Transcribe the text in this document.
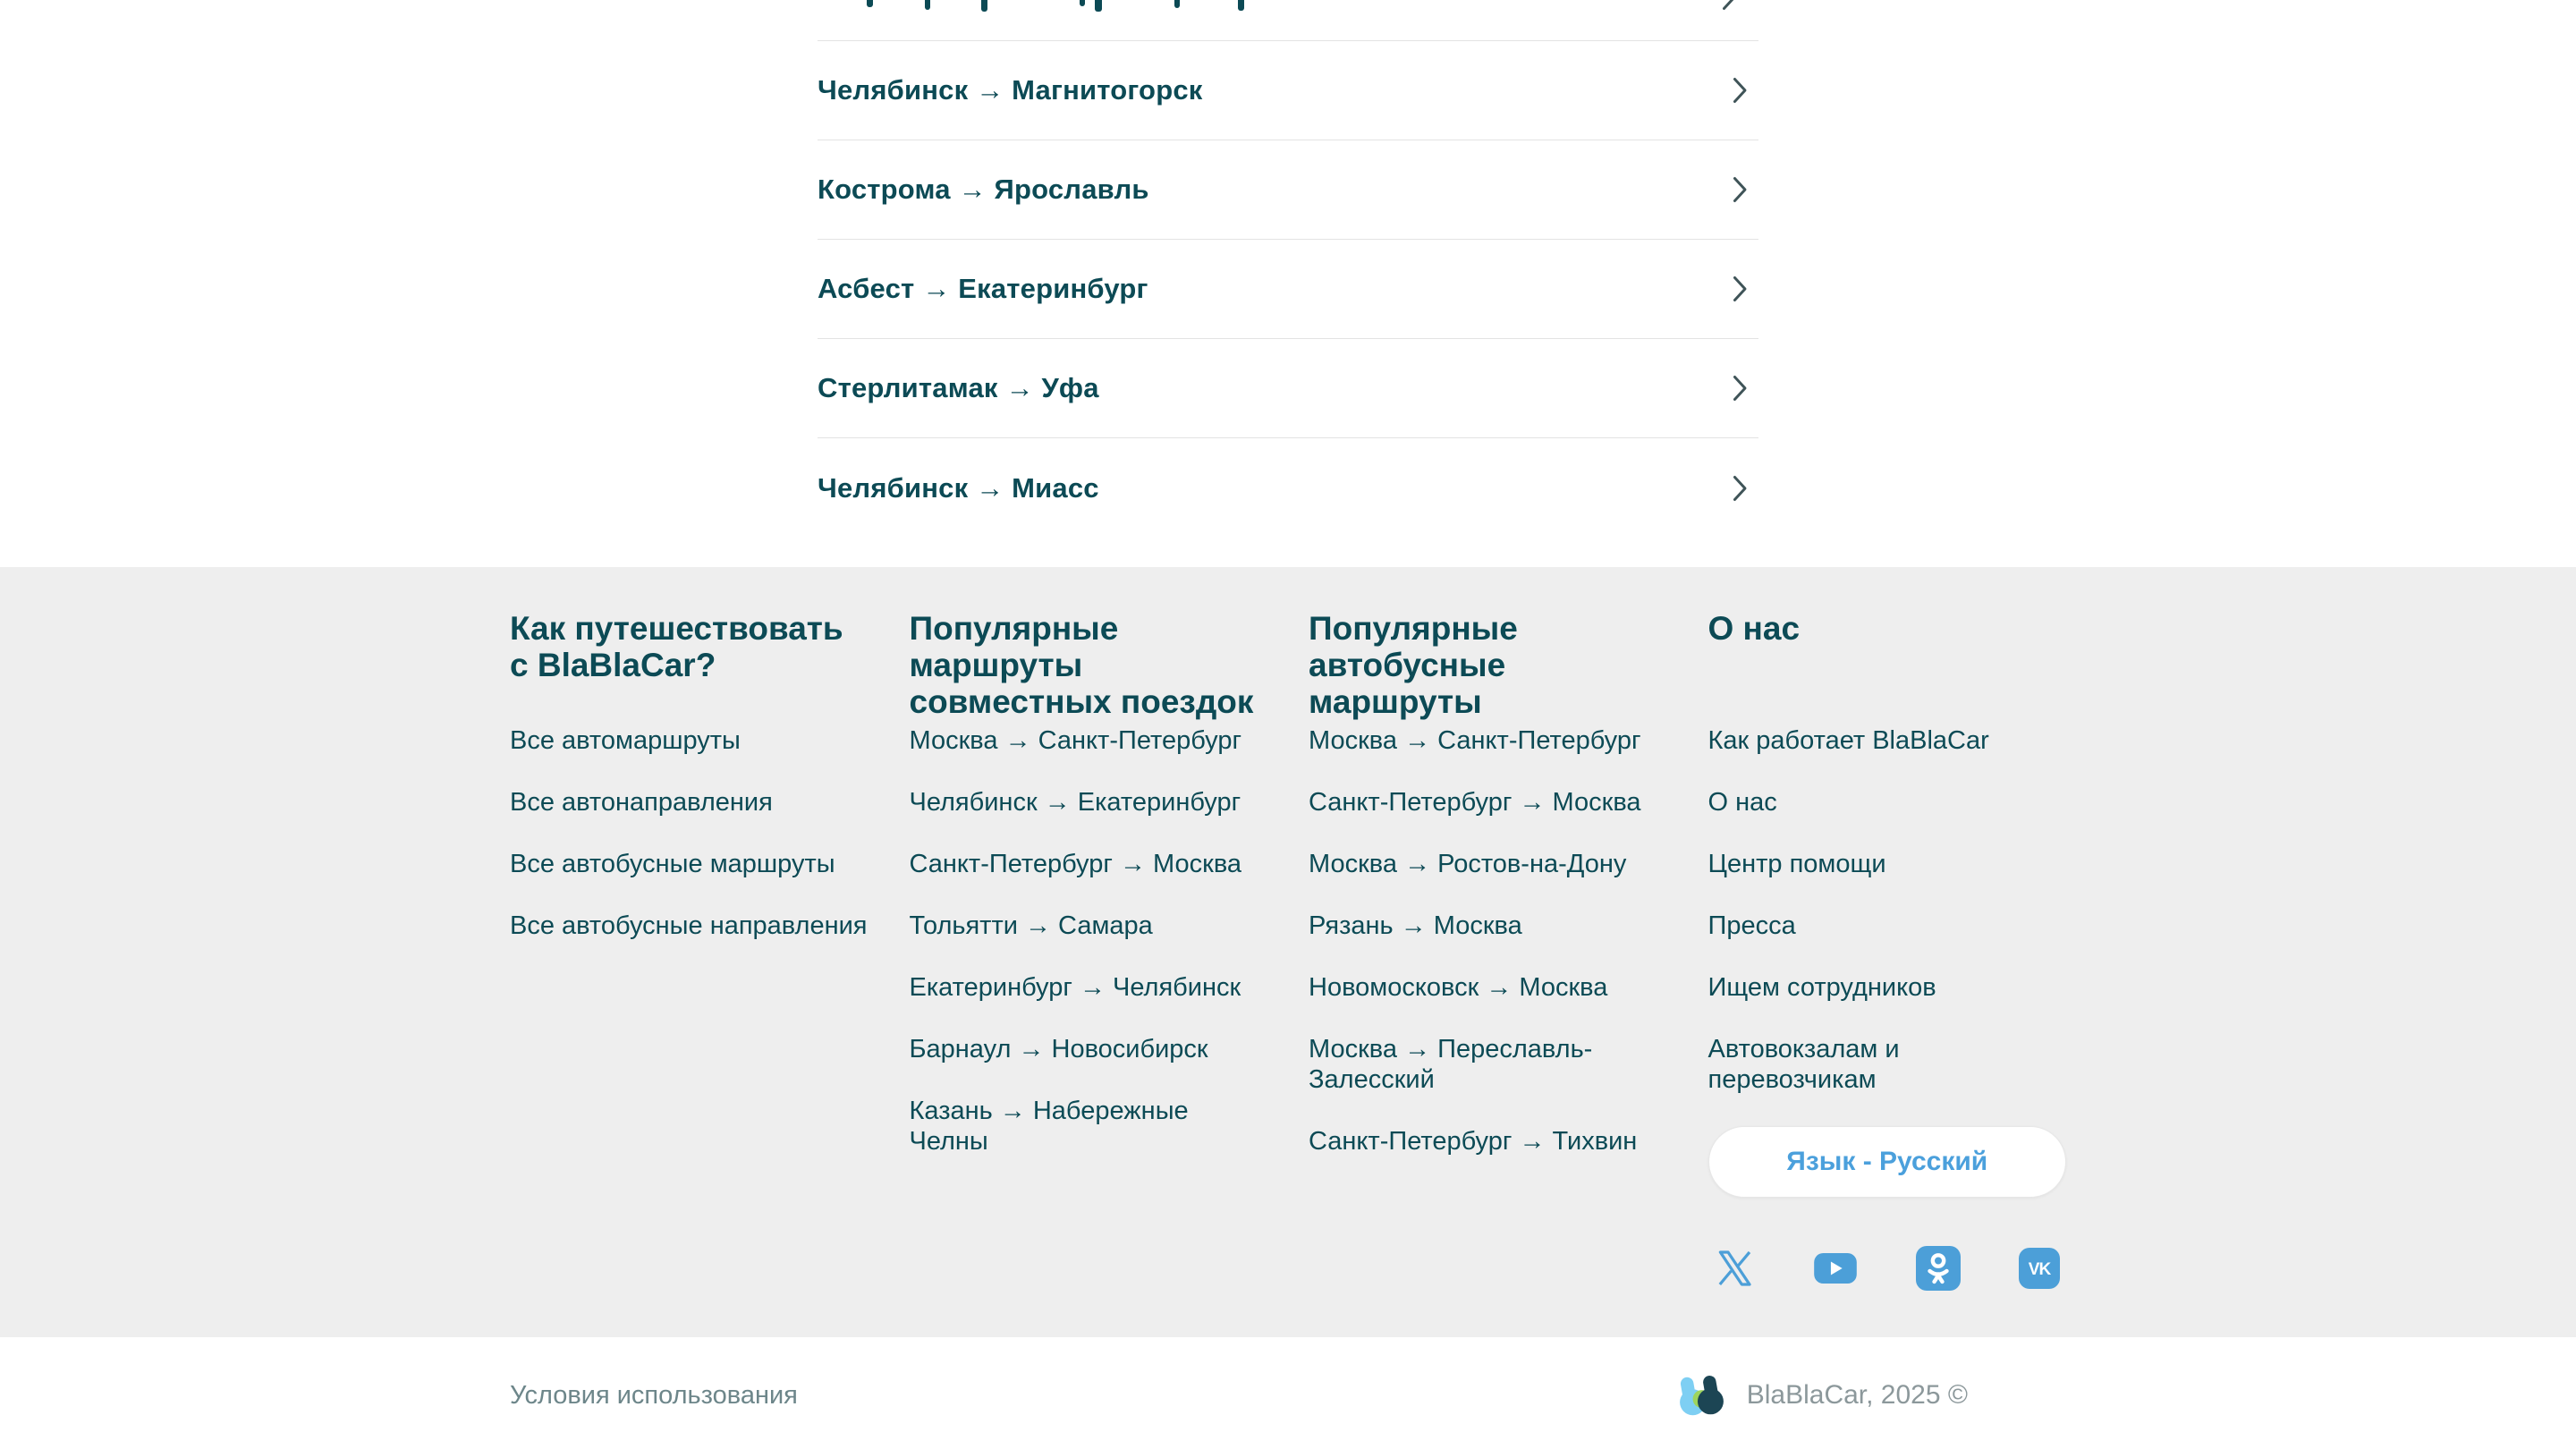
Челябинск → Магнитогорск
Кострома → Ярославль
Асбест → Екатеринбург
Стерлитамак → Уфа
Челябинск → Миасс
Как путешествовать с BlaBlaCar?
Все автомаршруты
Все автонаправления
Все автобусные маршруты
Все автобусные направления
Популярные маршруты совместных поездок
Москва → Санкт-Петербург
Челябинск → Екатеринбург
Санкт-Петербург → Москва
Тольятти → Самара
Екатеринбург → Челябинск
Барнаул → Новосибирск
Казань → Набережные Челны
Популярные автобусные маршруты
Москва → Санкт-Петербург
Санкт-Петербург → Москва
Москва → Ростов-на-Дону
Рязань → Москва
Новомосковск → Москва
Москва → Переславль-Залесский
Санкт-Петербург → Тихвин
О нас
Как работает BlaBlaCar
О нас
Центр помощи
Пресса
Ищем сотрудников
Автовокзалам и перевозчикам
Язык - Русский
VK
Условия использования	BlaBlaCar, 2025 ©
